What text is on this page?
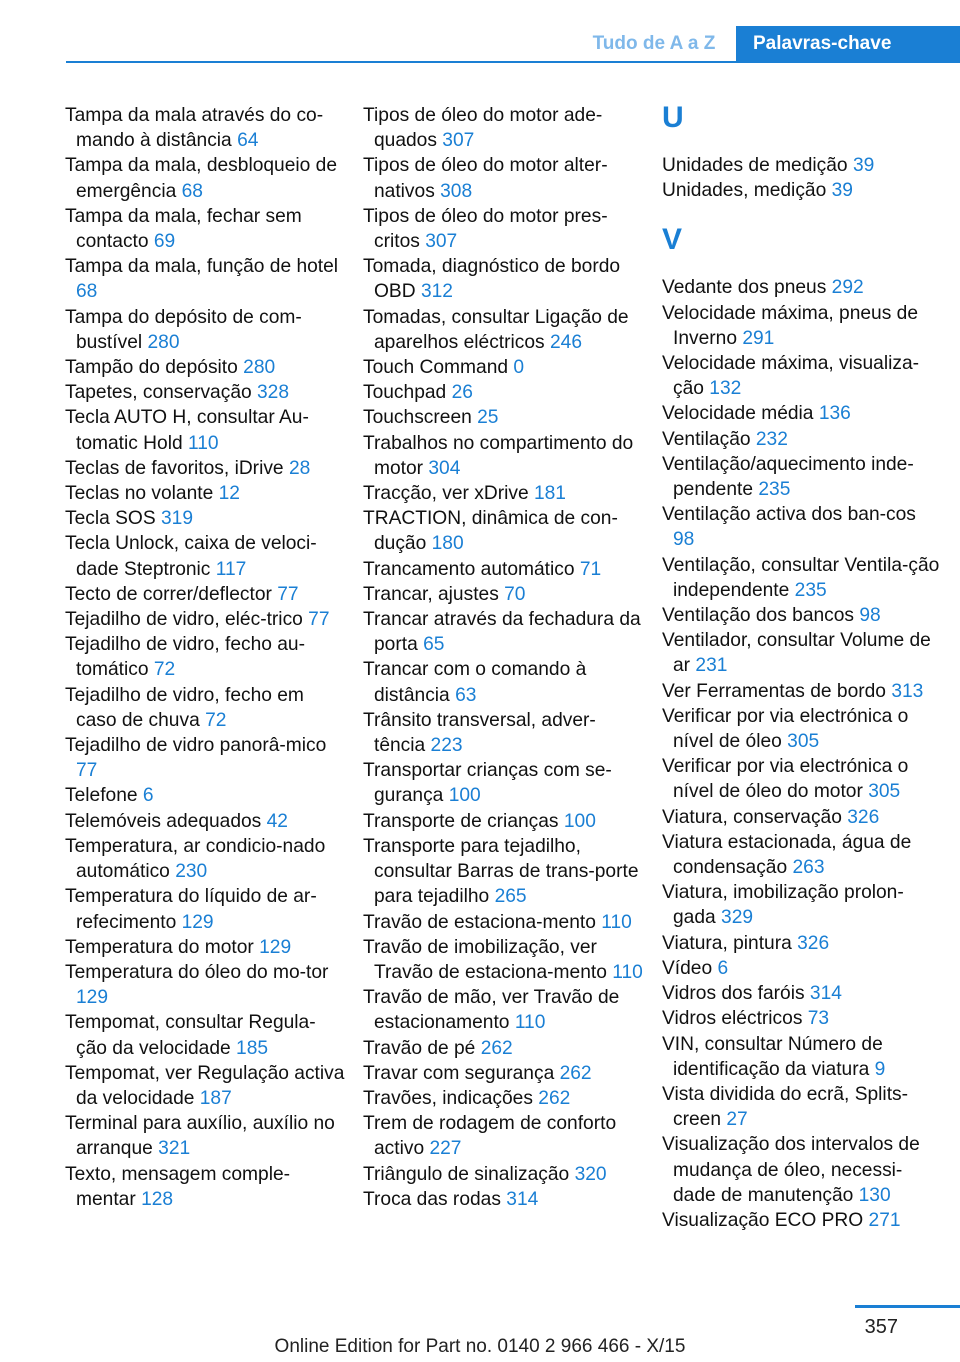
Tudo de A a Z	Palavras-chave
Tampa da mala através do co‐mando à distância 64
Tampa da mala, desbloqueio de emergência 68
Tampa da mala, fechar sem contacto 69
Tampa da mala, função de hotel 68
Tampa do depósito de com‐bustível 280
Tampão do depósito 280
Tapetes, conservação 328
Tecla AUTO H, consultar Au‐tomatic Hold 110
Teclas de favoritos, iDrive 28
Teclas no volante 12
Tecla SOS 319
Tecla Unlock, caixa de veloci‐dade Steptronic 117
Tecto de correr/deflector 77
Tejadilho de vidro, eléc‐trico 77
Tejadilho de vidro, fecho au‐tomático 72
Tejadilho de vidro, fecho em caso de chuva 72
Tejadilho de vidro panorâ‐mico 77
Telefone 6
Telemóveis adequados 42
Temperatura, ar condicio‐nado automático 230
Temperatura do líquido de ar‐refecimento 129
Temperatura do motor 129
Temperatura do óleo do mo‐tor 129
Tempomat, consultar Regula‐ção da velocidade 185
Tempomat, ver Regulação activa da velocidade 187
Terminal para auxílio, auxílio no arranque 321
Texto, mensagem comple‐mentar 128
Tipos de óleo do motor ade‐quados 307
Tipos de óleo do motor alter‐nativos 308
Tipos de óleo do motor pres‐critos 307
Tomada, diagnóstico de bordo OBD 312
Tomadas, consultar Ligação de aparelhos eléctricos 246
Touch Command 0
Touchpad 26
Touchscreen 25
Trabalhos no compartimento do motor 304
Tracção, ver xDrive 181
TRACTION, dinâmica de con‐dução 180
Trancamento automático 71
Trancar, ajustes 70
Trancar através da fechadura da porta 65
Trancar com o comando à distância 63
Trânsito transversal, adver‐tência 223
Transportar crianças com se‐gurança 100
Transporte de crianças 100
Transporte para tejadilho, consultar Barras de trans‐porte para tejadilho 265
Travão de estaciona‐mento 110
Travão de imobilização, ver Travão de estaciona‐mento 110
Travão de mão, ver Travão de estacionamento 110
Travão de pé 262
Travar com segurança 262
Travões, indicações 262
Trem de rodagem de conforto activo 227
Triângulo de sinalização 320
Troca das rodas 314
U
Unidades de medição 39
Unidades, medição 39
V
Vedante dos pneus 292
Velocidade máxima, pneus de Inverno 291
Velocidade máxima, visualiza‐ção 132
Velocidade média 136
Ventilação 232
Ventilação/aquecimento inde‐pendente 235
Ventilação activa dos ban‐cos 98
Ventilação, consultar Ventila‐ção independente 235
Ventilação dos bancos 98
Ventilador, consultar Volume de ar 231
Ver Ferramentas de bordo 313
Verificar por via electrónica o nível de óleo 305
Verificar por via electrónica o nível de óleo do motor 305
Viatura, conservação 326
Viatura estacionada, água de condensação 263
Viatura, imobilização prolon‐gada 329
Viatura, pintura 326
Vídeo 6
Vidros dos faróis 314
Vidros eléctricos 73
VIN, consultar Número de identificação da viatura 9
Vista dividida do ecrã, Splits‐creen 27
Visualização dos intervalos de mudança de óleo, necessi‐dade de manutenção 130
Visualização ECO PRO 271
357
Online Edition for Part no. 0140 2 966 466 - X/15
